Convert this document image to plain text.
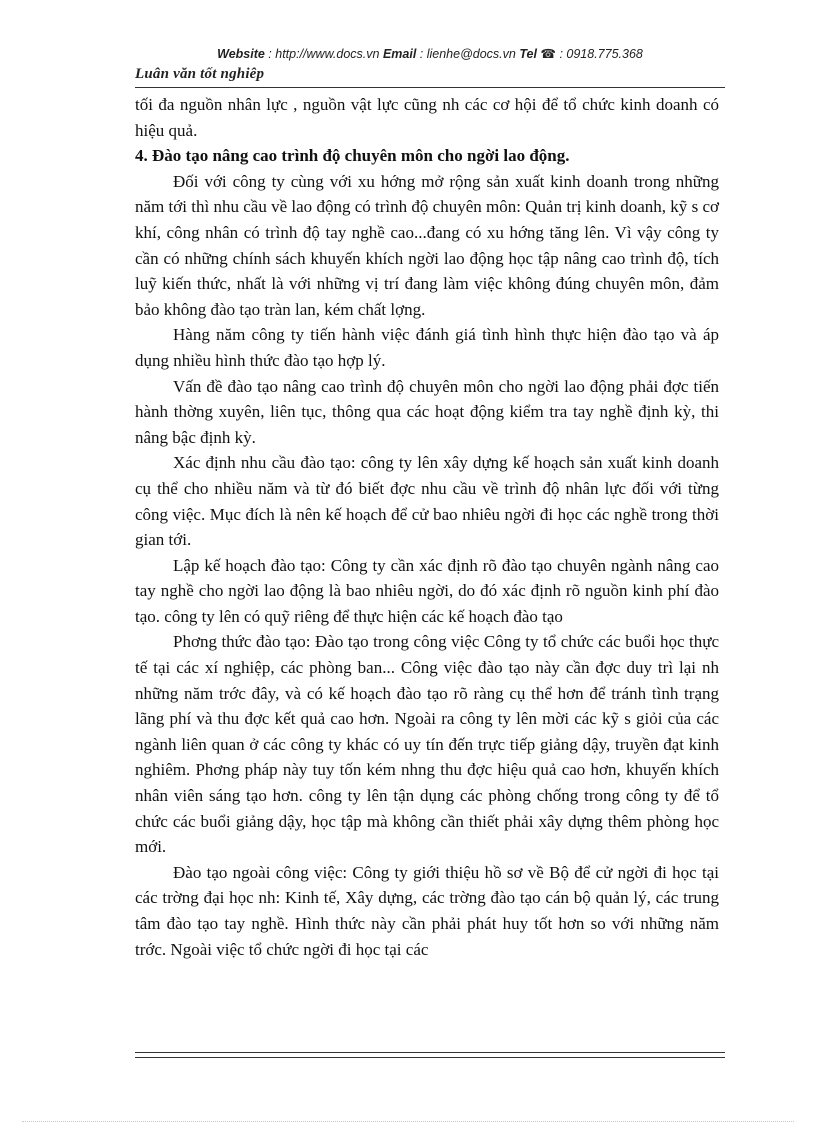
Website : http://www.docs.vn Email : lienhe@docs.vn Tel ☎ : 0918.775.368
Luân văn tốt nghiêp

tối đa nguồn nhân lực , nguồn vật lực cũng nh các cơ hội để tổ chức kinh doanh có hiệu quả.

4. Đào tạo nâng cao trình độ chuyên môn cho ngời lao động.

Đối với công ty cùng với xu hớng mở rộng sản xuất kinh doanh trong những năm tới thì nhu cầu về lao động có trình độ chuyên môn: Quản trị kinh doanh, kỹ s cơ khí, công nhân có trình độ tay nghề cao...đang có xu hớng tăng lên. Vì vậy công ty cần có những chính sách khuyến khích ngời lao động học tập nâng cao trình độ, tích luỹ kiến thức, nhất là với những vị trí đang làm việc không đúng chuyên môn, đảm bảo không đào tạo tràn lan, kém chất lợng.

Hàng năm công ty tiến hành việc đánh giá tình hình thực hiện đào tạo và áp dụng nhiều hình thức đào tạo hợp lý.

Vấn đề đào tạo nâng cao trình độ chuyên môn cho ngời lao động phải đợc tiến hành thờng xuyên, liên tục, thông qua các hoạt động kiểm tra tay nghề định kỳ, thi nâng bậc định kỳ.

Xác định nhu cầu đào tạo: công ty lên xây dựng kế hoạch sản xuất kinh doanh cụ thể cho nhiều năm và từ đó biết đợc nhu cầu về trình độ nhân lực đối với từng công việc. Mục đích là nên kế hoạch để cử bao nhiêu ngời đi học các nghề trong thời gian tới.

Lập kế hoạch đào tạo: Công ty cần xác định rõ đào tạo chuyên ngành nâng cao tay nghề cho ngời lao động là bao nhiêu ngời, do đó xác định rõ nguồn kinh phí đào tạo. công ty lên có quỹ riêng để thực hiện các kế hoạch đào tạo

Phơng thức đào tạo: Đào tạo trong công việc Công ty tổ chức các buổi học thực tế tại các xí nghiệp, các phòng ban... Công việc đào tạo này cần đợc duy trì lại nh những năm trớc đây, và có kế hoạch đào tạo rõ ràng cụ thể hơn để tránh tình trạng lãng phí và thu đợc kết quả cao hơn. Ngoài ra công ty lên mời các kỹ s giỏi của các ngành liên quan ở các công ty khác có uy tín đến trực tiếp giảng dậy, truyền đạt kinh nghiêm. Phơng pháp này tuy tốn kém nhng thu đợc hiệu quả cao hơn, khuyến khích nhân viên sáng tạo hơn. công ty lên tận dụng các phòng chống trong công ty để tổ chức các buổi giảng dậy, học tập mà không cần thiết phải xây dựng thêm phòng học mới.

Đào tạo ngoài công việc: Công ty giới thiệu hồ sơ về Bộ để cử ngời đi học tại các trờng đại học nh: Kinh tế, Xây dựng, các trờng đào tạo cán bộ quản lý, các trung tâm đào tạo tay nghề. Hình thức này cần phải phát huy tốt hơn so với những năm trớc. Ngoài việc tổ chức ngời đi học tại các
